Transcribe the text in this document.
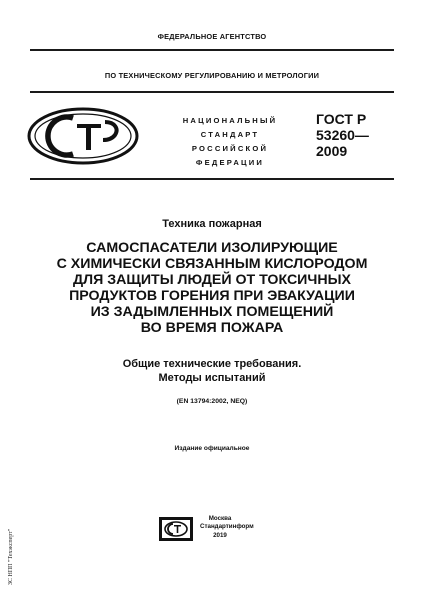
ФЕДЕРАЛЬНОЕ АГЕНТСТВО
ПО ТЕХНИЧЕСКОМУ РЕГУЛИРОВАНИЮ И МЕТРОЛОГИИ
НАЦИОНАЛЬНЫЙ
СТАНДАРТ
РОССИЙСКОЙ
ФЕДЕРАЦИИ
ГОСТ Р
53260—
2009
Техника пожарная
САМОСПАСАТЕЛИ ИЗОЛИРУЮЩИЕ
С ХИМИЧЕСКИ СВЯЗАННЫМ КИСЛОРОДОМ
ДЛЯ ЗАЩИТЫ ЛЮДЕЙ ОТ ТОКСИЧНЫХ
ПРОДУКТОВ ГОРЕНИЯ ПРИ ЭВАКУАЦИИ
ИЗ ЗАДЫМЛЕННЫХ ПОМЕЩЕНИЙ
ВО ВРЕМЯ ПОЖАРА
Общие технические требования.
Методы испытаний
(EN 13794:2002, NEQ)
Издание официальное
Москва
Стандартинформ
2019
ЗС НПП "Техэксперт"
